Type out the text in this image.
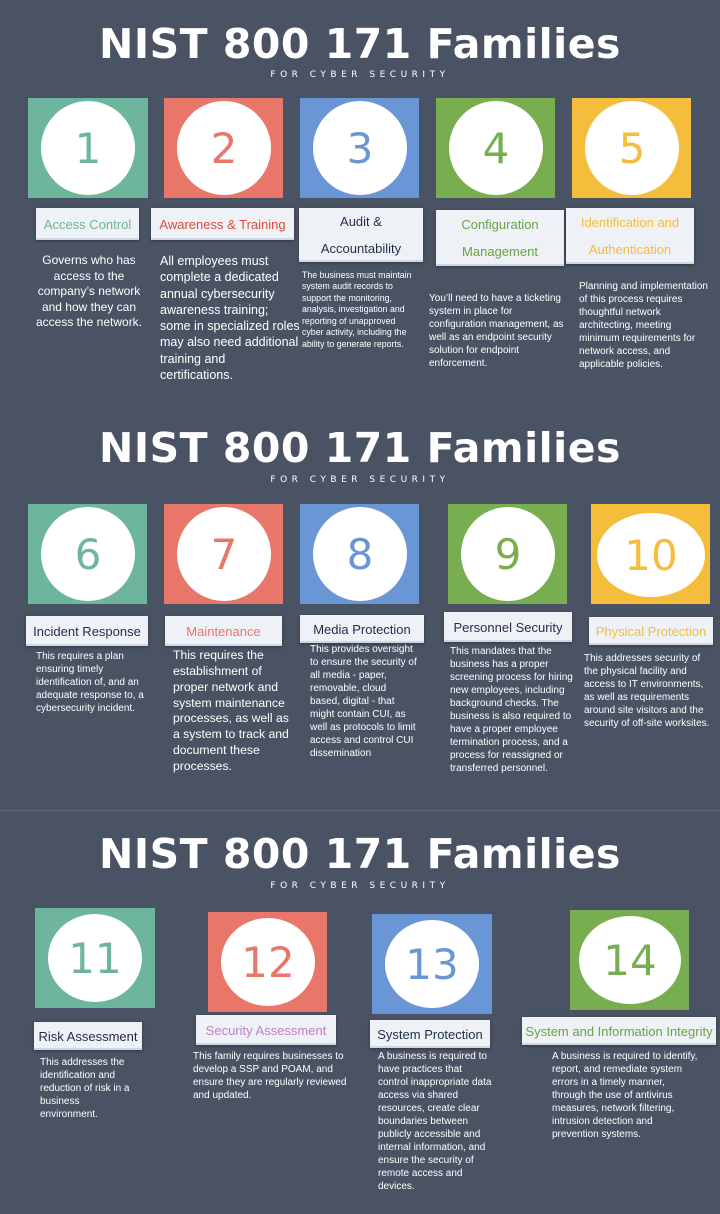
NIST 800 171 Families
FOR CYBER SECURITY
NIST 800 171 Families
FOR CYBER SECURITY
NIST 800 171 Families
FOR CYBER SECURITY
1
Access Control
Governs who has access to the company’s network and how they can access the network.
2
Awareness & Training
All employees must complete a dedicated annual cybersecurity awareness training; some in specialized roles may also need additional training and certifications.
3
Audit & Accountability
The business must maintain system audit records to support the monitoring, analysis, investigation and reporting of unapproved cyber activity, including the ability to generate reports.
4
Configuration Management
You’ll need to have a ticketing system in place for configuration management, as well as an endpoint security solution for endpoint enforcement.
5
Identification and Authentication
Planning and implementation of this process requires thoughtful network architecting, meeting minimum requirements for network access, and applicable policies.
6
Incident Response
This requires a plan ensuring timely identification of, and an adequate response to, a cybersecurity incident.
7
Maintenance
This requires the establishment of proper network and system maintenance processes, as well as a system to track and document these processes.
8
Media Protection
This provides oversight to ensure the security of all media - paper, removable, cloud based, digital - that might contain CUI, as well as protocols to limit access and control CUI dissemination
9
Personnel Security
This mandates that the business has a proper screening process for hiring new employees, including background checks. The business is also required to have a proper employee termination process, and a process for reassigned or transferred personnel.
10
Physical Protection
This addresses security of the physical facility and access to IT environments, as well as requirements around site visitors and the security of off-site worksites.
11
Risk Assessment
This addresses the identification and reduction of risk in a business environment.
12
Security Assessment
This family requires businesses to develop a SSP and POAM, and ensure they are regularly reviewed and updated.
13
System Protection
A business is required to have practices that control inappropriate data access via shared resources, create clear boundaries between publicly accessible and internal information, and ensure the security of remote access and devices.
14
System and Information Integrity
A business is required to identify, report, and remediate system errors in a timely manner, through the use of antivirus measures, network filtering, intrusion detection and prevention systems.
